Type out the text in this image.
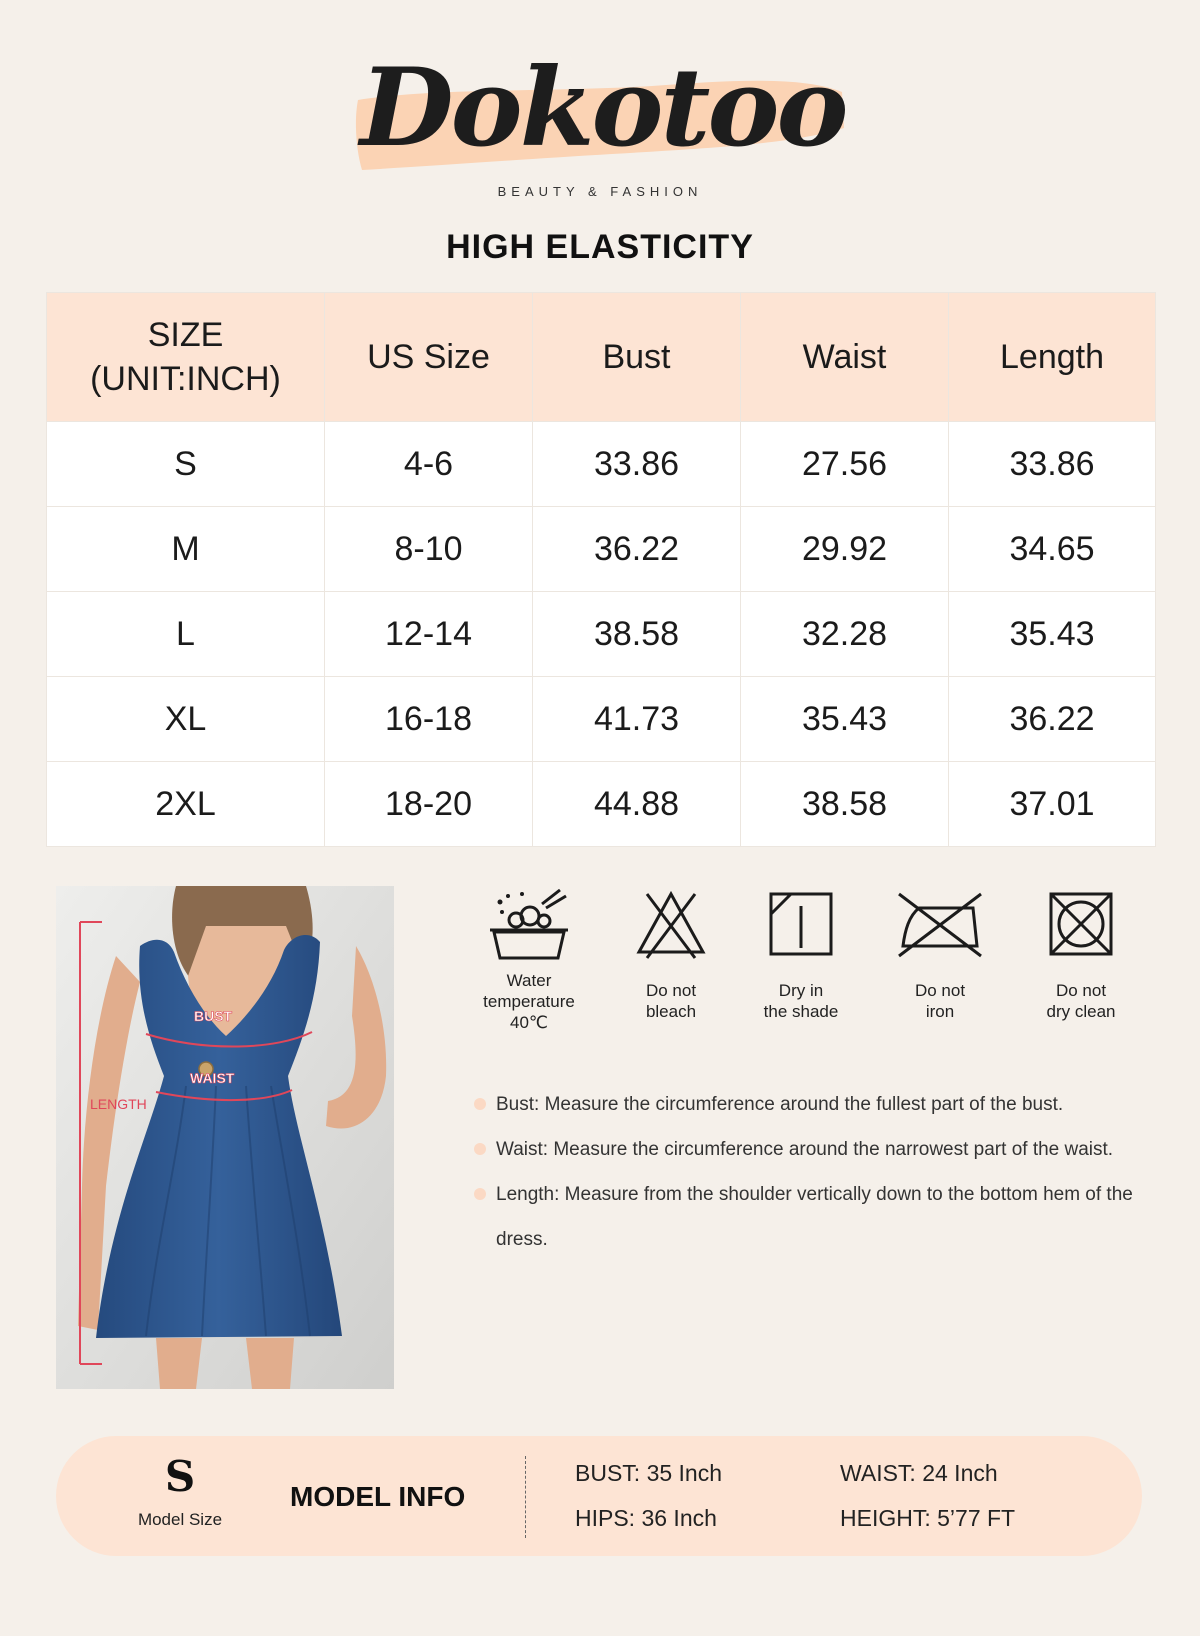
Dokotoo
BEAUTY & FASHION
HIGH ELASTICITY
SIZE
(UNIT:INCH)	US Size	Bust	Waist	Length
S	4-6	33.86	27.56	33.86
M	8-10	36.22	29.92	34.65
L	12-14	38.58	32.28	35.43
XL	16-18	41.73	35.43	36.22
2XL	18-20	44.88	38.58	37.01
BUST
WAIST
LENGTH
Water
temperature
40℃
Do not
bleach
Dry in
the shade
Do not
iron
Do not
dry clean
Bust: Measure the circumference around the fullest part of the bust.
Waist: Measure the circumference around the narrowest part of the waist.
Length: Measure from the shoulder vertically down to the bottom hem of the dress.
S
Model Size
MODEL INFO
BUST: 35 Inch
HIPS: 36 Inch
WAIST: 24 Inch
HEIGHT: 5’77 FT
